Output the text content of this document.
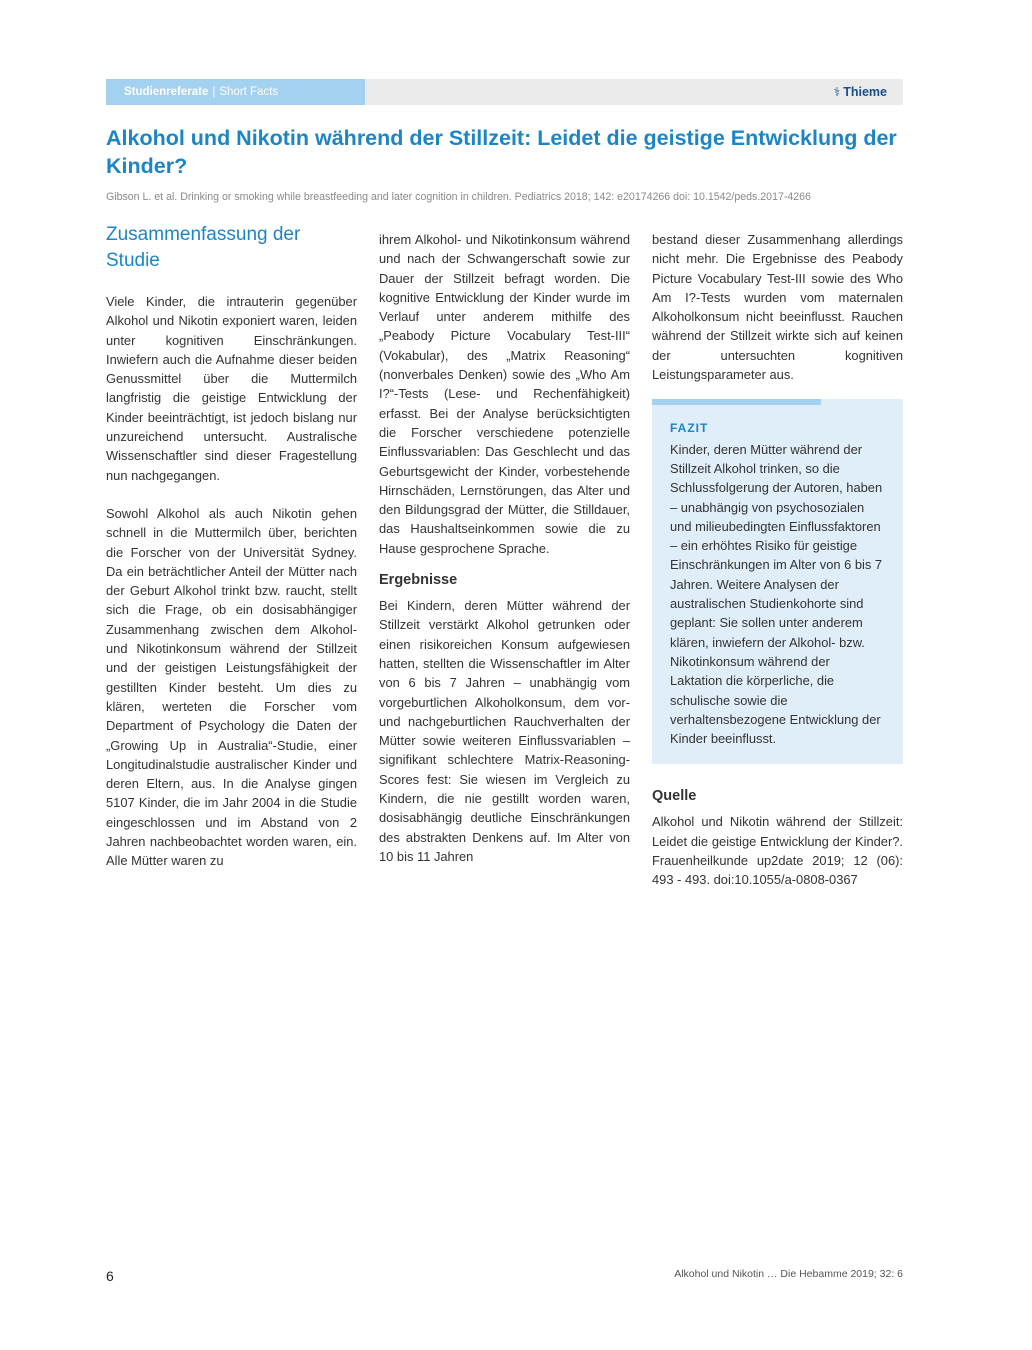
Studienreferate | Short Facts	⚕ Thieme
Alkohol und Nikotin während der Stillzeit: Leidet die geistige Entwicklung der Kinder?
Gibson L. et al. Drinking or smoking while breastfeeding and later cognition in children. Pediatrics 2018; 142: e20174266 doi: 10.1542/peds.2017-4266
Zusammenfassung der Studie

Viele Kinder, die intrauterin gegenüber Alkohol und Nikotin exponiert waren, leiden unter kognitiven Einschränkungen. Inwiefern auch die Aufnahme dieser beiden Genussmittel über die Muttermilch langfristig die geistige Entwicklung der Kinder beeinträchtigt, ist jedoch bislang nur unzureichend untersucht. Australische Wissenschaftler sind dieser Fragestellung nun nachgegangen.

Sowohl Alkohol als auch Nikotin gehen schnell in die Muttermilch über, berichten die Forscher von der Universität Sydney. Da ein beträchtlicher Anteil der Mütter nach der Geburt Alkohol trinkt bzw. raucht, stellt sich die Frage, ob ein dosisabhängiger Zusammenhang zwischen dem Alkohol- und Nikotinkonsum während der Stillzeit und der geistigen Leistungsfähigkeit der gestillten Kinder besteht. Um dies zu klären, werteten die Forscher vom Department of Psychology die Daten der „Growing Up in Australia“-Studie, einer Longitudinalstudie australischer Kinder und deren Eltern, aus. In die Analyse gingen 5107 Kinder, die im Jahr 2004 in die Studie eingeschlossen und im Abstand von 2 Jahren nachbeobachtet worden waren, ein. Alle Mütter waren zu

ihrem Alkohol- und Nikotinkonsum während und nach der Schwangerschaft sowie zur Dauer der Stillzeit befragt worden. Die kognitive Entwicklung der Kinder wurde im Verlauf unter anderem mithilfe des „Peabody Picture Vocabulary Test-III“ (Vokabular), des „Matrix Reasoning“ (nonverbales Denken) sowie des „Who Am I?“-Tests (Lese- und Rechenfähigkeit) erfasst. Bei der Analyse berücksichtigten die Forscher verschiedene potenzielle Einflussvariablen: Das Geschlecht und das Geburtsgewicht der Kinder, vorbestehende Hirnschäden, Lernstörungen, das Alter und den Bildungsgrad der Mütter, die Stilldauer, das Haushaltseinkommen sowie die zu Hause gesprochene Sprache.

Ergebnisse

Bei Kindern, deren Mütter während der Stillzeit verstärkt Alkohol getrunken oder einen risikoreichen Konsum aufgewiesen hatten, stellten die Wissenschaftler im Alter von 6 bis 7 Jahren – unabhängig vom vorgeburtlichen Alkoholkonsum, dem vor- und nachgeburtlichen Rauchverhalten der Mütter sowie weiteren Einflussvariablen – signifikant schlechtere Matrix-Reasoning-Scores fest: Sie wiesen im Vergleich zu Kindern, die nie gestillt worden waren, dosisabhängig deutliche Einschränkungen des abstrakten Denkens auf. Im Alter von 10 bis 11 Jahren

bestand dieser Zusammenhang allerdings nicht mehr. Die Ergebnisse des Peabody Picture Vocabulary Test-III sowie des Who Am I?-Tests wurden vom maternalen Alkoholkonsum nicht beeinflusst. Rauchen während der Stillzeit wirkte sich auf keinen der untersuchten kognitiven Leistungsparameter aus.

FAZIT

Kinder, deren Mütter während der Stillzeit Alkohol trinken, so die Schlussfolgerung der Autoren, haben – unabhängig von psychosozialen und milieubedingten Einflussfaktoren – ein erhöhtes Risiko für geistige Einschränkungen im Alter von 6 bis 7 Jahren. Weitere Analysen der australischen Studienkohorte sind geplant: Sie sollen unter anderem klären, inwiefern der Alkohol- bzw. Nikotinkonsum während der Laktation die körperliche, die schulische sowie die verhaltensbezogene Entwicklung der Kinder beeinflusst.

Quelle

Alkohol und Nikotin während der Stillzeit: Leidet die geistige Entwicklung der Kinder?. Frauenheilkunde up2date 2019; 12 (06): 493 - 493. doi:10.1055/a-0808-0367

6	Alkohol und Nikotin … Die Hebamme 2019; 32: 6
